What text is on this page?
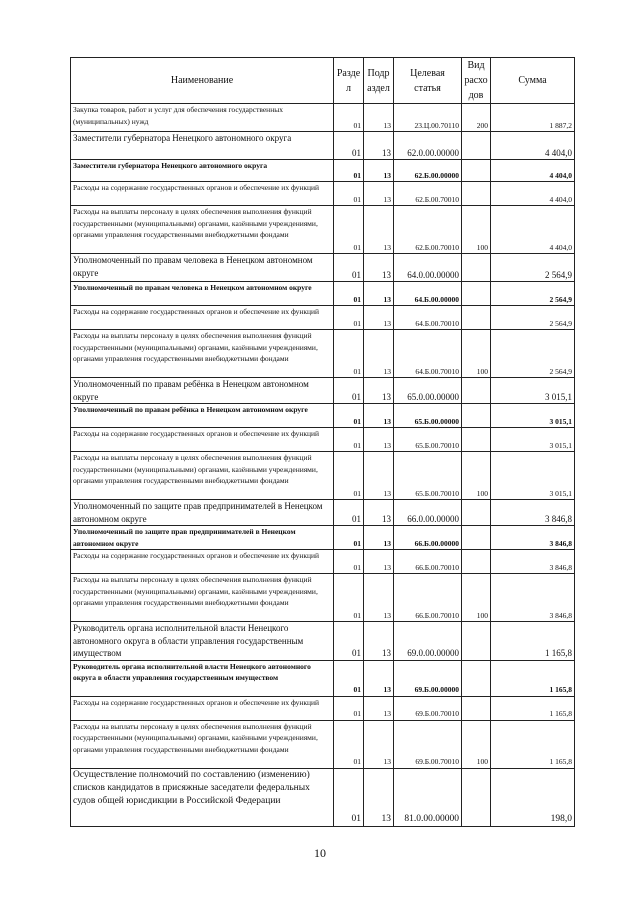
Наименование	Разде л	Подр аздел	Целевая статья	Вид расхо дов	Сумма
Закупка товаров, работ и услуг для обеспечения государственных (муниципальных) нужд	01	13	23.Ц.00.70110	200	1 887,2
Заместители губернатора Ненецкого автономного округа	01	13	62.0.00.00000		4 404,0
Заместители губернатора Ненецкого автономного округа	01	13	62.Б.00.00000		4 404,0
Расходы на содержание государственных органов и обеспечение их функций	01	13	62.Б.00.70010		4 404,0
Расходы на выплаты персоналу в целях обеспечения выполнения функций государственными (муниципальными) органами, казёнными учреждениями, органами управления государственными внебюджетными фондами	01	13	62.Б.00.70010	100	4 404,0
Уполномоченный по правам человека в Ненецком автономном округе	01	13	64.0.00.00000		2 564,9
Уполномоченный по правам человека в Ненецком автономном округе	01	13	64.Б.00.00000		2 564,9
Расходы на содержание государственных органов и обеспечение их функций	01	13	64.Б.00.70010		2 564,9
Расходы на выплаты персоналу в целях обеспечения выполнения функций государственными (муниципальными) органами, казёнными учреждениями, органами управления государственными внебюджетными фондами	01	13	64.Б.00.70010	100	2 564,9
Уполномоченный по правам ребёнка в Ненецком автономном округе	01	13	65.0.00.00000		3 015,1
Уполномоченный по правам ребёнка в Ненецком автономном округе	01	13	65.Б.00.00000		3 015,1
Расходы на содержание государственных органов и обеспечение их функций	01	13	65.Б.00.70010		3 015,1
Расходы на выплаты персоналу в целях обеспечения выполнения функций государственными (муниципальными) органами, казёнными учреждениями, органами управления государственными внебюджетными фондами	01	13	65.Б.00.70010	100	3 015,1
Уполномоченный по защите прав предпринимателей в Ненецком автономном округе	01	13	66.0.00.00000		3 846,8
Уполномоченный по защите прав предпринимателей в Ненецком автономном округе	01	13	66.Б.00.00000		3 846,8
Расходы на содержание государственных органов и обеспечение их функций	01	13	66.Б.00.70010		3 846,8
Расходы на выплаты персоналу в целях обеспечения выполнения функций государственными (муниципальными) органами, казёнными учреждениями, органами управления государственными внебюджетными фондами	01	13	66.Б.00.70010	100	3 846,8
Руководитель органа исполнительной власти Ненецкого автономного округа в области управления государственным имуществом	01	13	69.0.00.00000		1 165,8
Руководитель органа исполнительной власти Ненецкого автономного округа в области управления государственным имуществом	01	13	69.Б.00.00000		1 165,8
Расходы на содержание государственных органов и обеспечение их функций	01	13	69.Б.00.70010		1 165,8
Расходы на выплаты персоналу в целях обеспечения выполнения функций государственными (муниципальными) органами, казёнными учреждениями, органами управления государственными внебюджетными фондами	01	13	69.Б.00.70010	100	1 165,8
Осуществление полномочий по составлению (изменению) списков кандидатов в присяжные заседатели федеральных судов общей юрисдикции в Российской Федерации	01	13	81.0.00.00000		198,0
10
